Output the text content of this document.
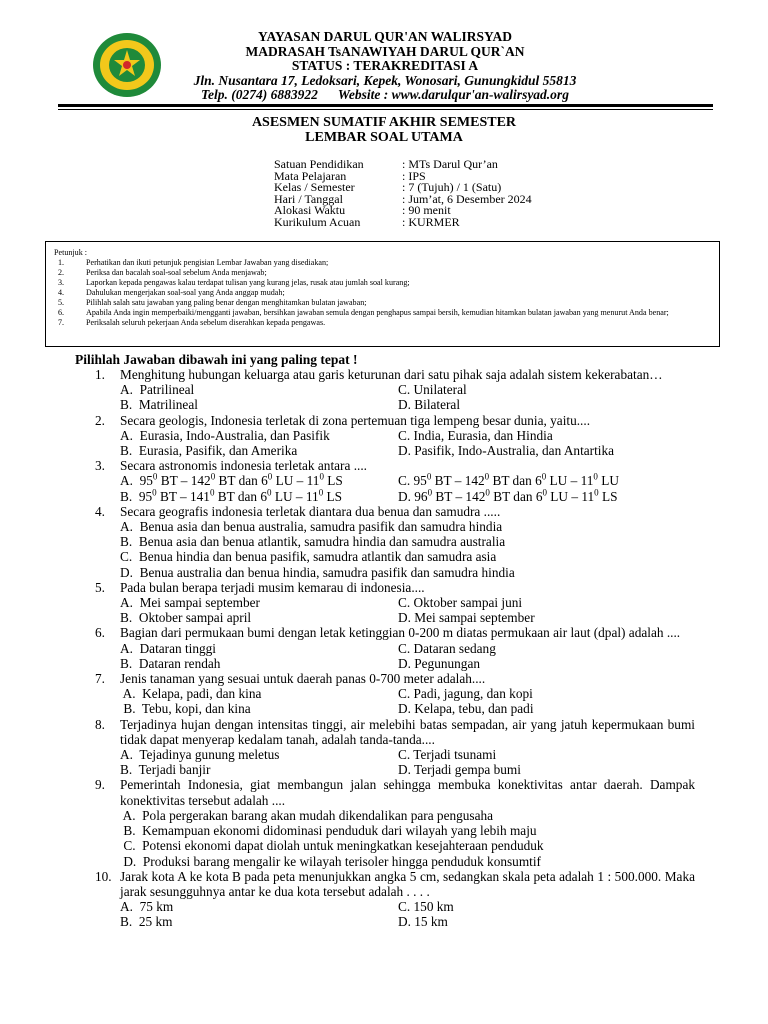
YAYASAN DARUL QUR'AN WALIRSYAD
MADRASAH TsANAWIYAH DARUL QUR`AN
STATUS : TERAKREDITASI A
Jln. Nusantara 17, Ledoksari, Kepek, Wonosari, Gunungkidul 55813
Telp. (0274) 6883922      Website : www.darulqur'an-walirsyad.org
ASESMEN SUMATIF AKHIR SEMESTER
LEMBAR SOAL UTAMA
Satuan Pendidikan	: MTs Darul Qur’an
Mata Pelajaran	: IPS
Kelas / Semester	: 7 (Tujuh) / 1 (Satu)
Hari / Tanggal	: Jum’at, 6 Desember 2024
Alokasi Waktu	: 90 menit
Kurikulum Acuan	: KURMER
Petunjuk :
1.	Perhatikan dan ikuti petunjuk pengisian Lembar Jawaban yang disediakan;
2.	Periksa dan bacalah soal-soal sebelum Anda menjawab;
3.	Laporkan kepada pengawas kalau terdapat tulisan yang kurang jelas, rusak atau jumlah soal kurang;
4.	Dahulukan mengerjakan soal-soal yang Anda anggap mudah;
5.	Pilihlah salah satu jawaban yang paling benar dengan menghitamkan bulatan jawaban;
6.	Apabila Anda ingin memperbaiki/mengganti jawaban, bersihkan jawaban semula dengan penghapus sampai bersih, kemudian hitamkan bulatan jawaban yang menurut Anda benar;
7.	Periksalah seluruh pekerjaan Anda sebelum diserahkan kepada pengawas.
Pilihlah Jawaban dibawah ini yang paling tepat !
1.	Menghitung hubungan keluarga atau garis keturunan dari satu pihak saja adalah sistem kekerabatan…
A.  Patrilineal	C. Unilateral
B.  Matrilineal	D. Bilateral
2.	Secara geologis, Indonesia terletak di zona pertemuan tiga lempeng besar dunia, yaitu....
A.  Eurasia, Indo-Australia, dan Pasifik	C. India, Eurasia, dan Hindia
B.  Eurasia, Pasifik, dan Amerika	D. Pasifik, Indo-Australia, dan Antartika
3.	Secara astronomis indonesia terletak antara ....
A.  $95^0$ BT – $142^0$ BT dan $6^0$ LU – $11^0$ LS	C. $95^0$ BT – $142^0$ BT dan $6^0$ LU – $11^0$ LU
B.  $95^0$ BT – $141^0$ BT dan $6^0$ LU – $11^0$ LS	D. $96^0$ BT – $142^0$ BT dan $6^0$ LU – $11^0$ LS
4.	Secara geografis indonesia terletak diantara dua benua dan samudra .....
A.  Benua asia dan benua australia, samudra pasifik dan samudra hindia
B.  Benua asia dan benua atlantik, samudra hindia dan samudra australia
C.  Benua hindia dan benua pasifik, samudra atlantik dan samudra asia
D.  Benua australia dan benua hindia, samudra pasifik dan samudra hindia
5.	Pada bulan berapa terjadi musim kemarau di indonesia....
A.  Mei sampai september	C. Oktober sampai juni
B.  Oktober sampai april	D. Mei sampai september
6.	Bagian dari permukaan bumi dengan letak ketinggian 0-200 m diatas permukaan air laut (dpal) adalah ....
A.  Dataran tinggi	C. Dataran sedang
B.  Dataran rendah	D. Pegunungan
7.	Jenis tanaman yang sesuai untuk daerah panas 0-700 meter adalah....
A.  Kelapa, padi, dan kina	C. Padi, jagung, dan kopi
B.  Tebu, kopi, dan kina	D. Kelapa, tebu, dan padi
8.	Terjadinya hujan dengan intensitas tinggi, air melebihi batas sempadan, air yang jatuh kepermukaan bumi tidak dapat menyerap kedalam tanah, adalah tanda-tanda....
A.  Tejadinya gunung meletus	C. Terjadi tsunami
B.  Terjadi banjir	D. Terjadi gempa bumi
9.	Pemerintah Indonesia, giat membangun jalan sehingga membuka konektivitas antar daerah. Dampak konektivitas tersebut adalah ....
A.  Pola pergerakan barang akan mudah dikendalikan para pengusaha
B.  Kemampuan ekonomi didominasi penduduk dari wilayah yang lebih maju
C.  Potensi ekonomi dapat diolah untuk meningkatkan kesejahteraan penduduk
D.  Produksi barang mengalir ke wilayah terisoler hingga penduduk konsumtif
10. Jarak kota A ke kota B pada peta menunjukkan angka 5 cm, sedangkan skala peta adalah 1 : 500.000. Maka jarak sesungguhnya antar ke dua kota tersebut adalah . . . .
A.  75 km	C. 150 km
B.  25 km	D. 15 km
